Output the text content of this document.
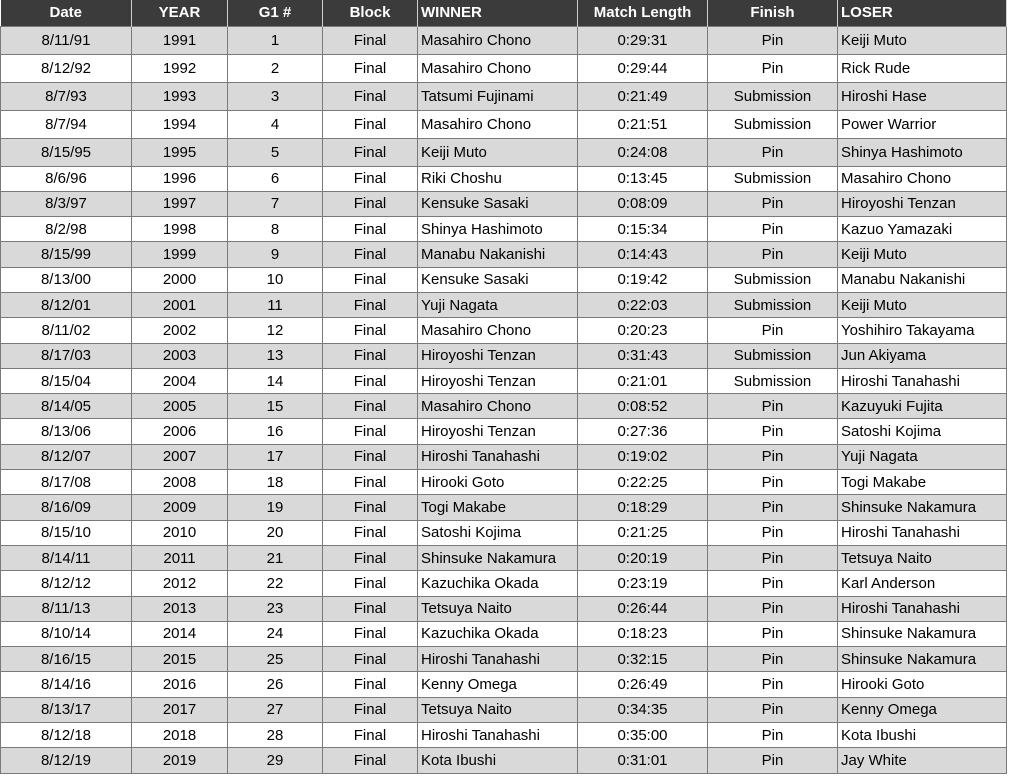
Date	YEAR	G1 #	Block	WINNER	Match Length	Finish	LOSER
8/11/91	1991	1	Final	Masahiro Chono	0:29:31	Pin	Keiji Muto
8/12/92	1992	2	Final	Masahiro Chono	0:29:44	Pin	Rick Rude
8/7/93	1993	3	Final	Tatsumi Fujinami	0:21:49	Submission	Hiroshi Hase
8/7/94	1994	4	Final	Masahiro Chono	0:21:51	Submission	Power Warrior
8/15/95	1995	5	Final	Keiji Muto	0:24:08	Pin	Shinya Hashimoto
8/6/96	1996	6	Final	Riki Choshu	0:13:45	Submission	Masahiro Chono
8/3/97	1997	7	Final	Kensuke Sasaki	0:08:09	Pin	Hiroyoshi Tenzan
8/2/98	1998	8	Final	Shinya Hashimoto	0:15:34	Pin	Kazuo Yamazaki
8/15/99	1999	9	Final	Manabu Nakanishi	0:14:43	Pin	Keiji Muto
8/13/00	2000	10	Final	Kensuke Sasaki	0:19:42	Submission	Manabu Nakanishi
8/12/01	2001	11	Final	Yuji Nagata	0:22:03	Submission	Keiji Muto
8/11/02	2002	12	Final	Masahiro Chono	0:20:23	Pin	Yoshihiro Takayama
8/17/03	2003	13	Final	Hiroyoshi Tenzan	0:31:43	Submission	Jun Akiyama
8/15/04	2004	14	Final	Hiroyoshi Tenzan	0:21:01	Submission	Hiroshi Tanahashi
8/14/05	2005	15	Final	Masahiro Chono	0:08:52	Pin	Kazuyuki Fujita
8/13/06	2006	16	Final	Hiroyoshi Tenzan	0:27:36	Pin	Satoshi Kojima
8/12/07	2007	17	Final	Hiroshi Tanahashi	0:19:02	Pin	Yuji Nagata
8/17/08	2008	18	Final	Hirooki Goto	0:22:25	Pin	Togi Makabe
8/16/09	2009	19	Final	Togi Makabe	0:18:29	Pin	Shinsuke Nakamura
8/15/10	2010	20	Final	Satoshi Kojima	0:21:25	Pin	Hiroshi Tanahashi
8/14/11	2011	21	Final	Shinsuke Nakamura	0:20:19	Pin	Tetsuya Naito
8/12/12	2012	22	Final	Kazuchika Okada	0:23:19	Pin	Karl Anderson
8/11/13	2013	23	Final	Tetsuya Naito	0:26:44	Pin	Hiroshi Tanahashi
8/10/14	2014	24	Final	Kazuchika Okada	0:18:23	Pin	Shinsuke Nakamura
8/16/15	2015	25	Final	Hiroshi Tanahashi	0:32:15	Pin	Shinsuke Nakamura
8/14/16	2016	26	Final	Kenny Omega	0:26:49	Pin	Hirooki Goto
8/13/17	2017	27	Final	Tetsuya Naito	0:34:35	Pin	Kenny Omega
8/12/18	2018	28	Final	Hiroshi Tanahashi	0:35:00	Pin	Kota Ibushi
8/12/19	2019	29	Final	Kota Ibushi	0:31:01	Pin	Jay White
